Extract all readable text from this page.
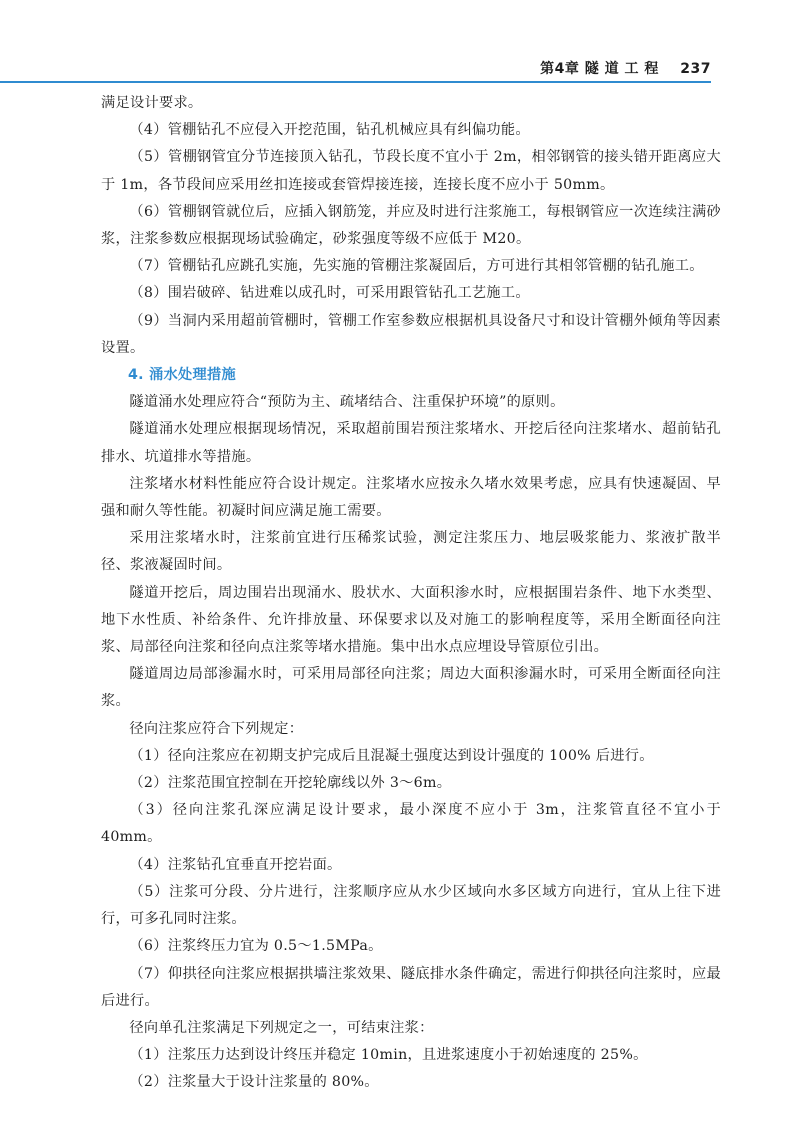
第4章 隧 道 工 程 237

满足设计要求。

（4）管棚钻孔不应侵入开挖范围，钻孔机械应具有纠偏功能。

（5）管棚钢管宜分节连接顶入钻孔，节段长度不宜小于 2m，相邻钢管的接头错开距离应大于 1m，各节段间应采用丝扣连接或套管焊接连接，连接长度不应小于 50mm。

（6）管棚钢管就位后，应插入钢筋笼，并应及时进行注浆施工，每根钢管应一次连续注满砂浆，注浆参数应根据现场试验确定，砂浆强度等级不应低于 M20。

（7）管棚钻孔应跳孔实施，先实施的管棚注浆凝固后，方可进行其相邻管棚的钻孔施工。

（8）围岩破碎、钻进难以成孔时，可采用跟管钻孔工艺施工。

（9）当洞内采用超前管棚时，管棚工作室参数应根据机具设备尺寸和设计管棚外倾角等因素设置。

4. 涌水处理措施

隧道涌水处理应符合“预防为主、疏堵结合、注重保护环境”的原则。

隧道涌水处理应根据现场情况，采取超前围岩预注浆堵水、开挖后径向注浆堵水、超前钻孔排水、坑道排水等措施。

注浆堵水材料性能应符合设计规定。注浆堵水应按永久堵水效果考虑，应具有快速凝固、早强和耐久等性能。初凝时间应满足施工需要。

采用注浆堵水时，注浆前宜进行压稀浆试验，测定注浆压力、地层吸浆能力、浆液扩散半径、浆液凝固时间。

隧道开挖后，周边围岩出现涌水、股状水、大面积渗水时，应根据围岩条件、地下水类型、地下水性质、补给条件、允许排放量、环保要求以及对施工的影响程度等，采用全断面径向注浆、局部径向注浆和径向点注浆等堵水措施。集中出水点应埋设导管原位引出。

隧道周边局部渗漏水时，可采用局部径向注浆；周边大面积渗漏水时，可采用全断面径向注浆。

径向注浆应符合下列规定：

（1）径向注浆应在初期支护完成后且混凝土强度达到设计强度的 100% 后进行。

（2）注浆范围宜控制在开挖轮廓线以外 3～6m。

（3）径向注浆孔深应满足设计要求，最小深度不应小于 3m，注浆管直径不宜小于 40mm。

（4）注浆钻孔宜垂直开挖岩面。

（5）注浆可分段、分片进行，注浆顺序应从水少区域向水多区域方向进行，宜从上往下进行，可多孔同时注浆。

（6）注浆终压力宜为 0.5～1.5MPa。

（7）仰拱径向注浆应根据拱墙注浆效果、隧底排水条件确定，需进行仰拱径向注浆时，应最后进行。

径向单孔注浆满足下列规定之一，可结束注浆：

（1）注浆压力达到设计终压并稳定 10min，且进浆速度小于初始速度的 25%。

（2）注浆量大于设计注浆量的 80%。
